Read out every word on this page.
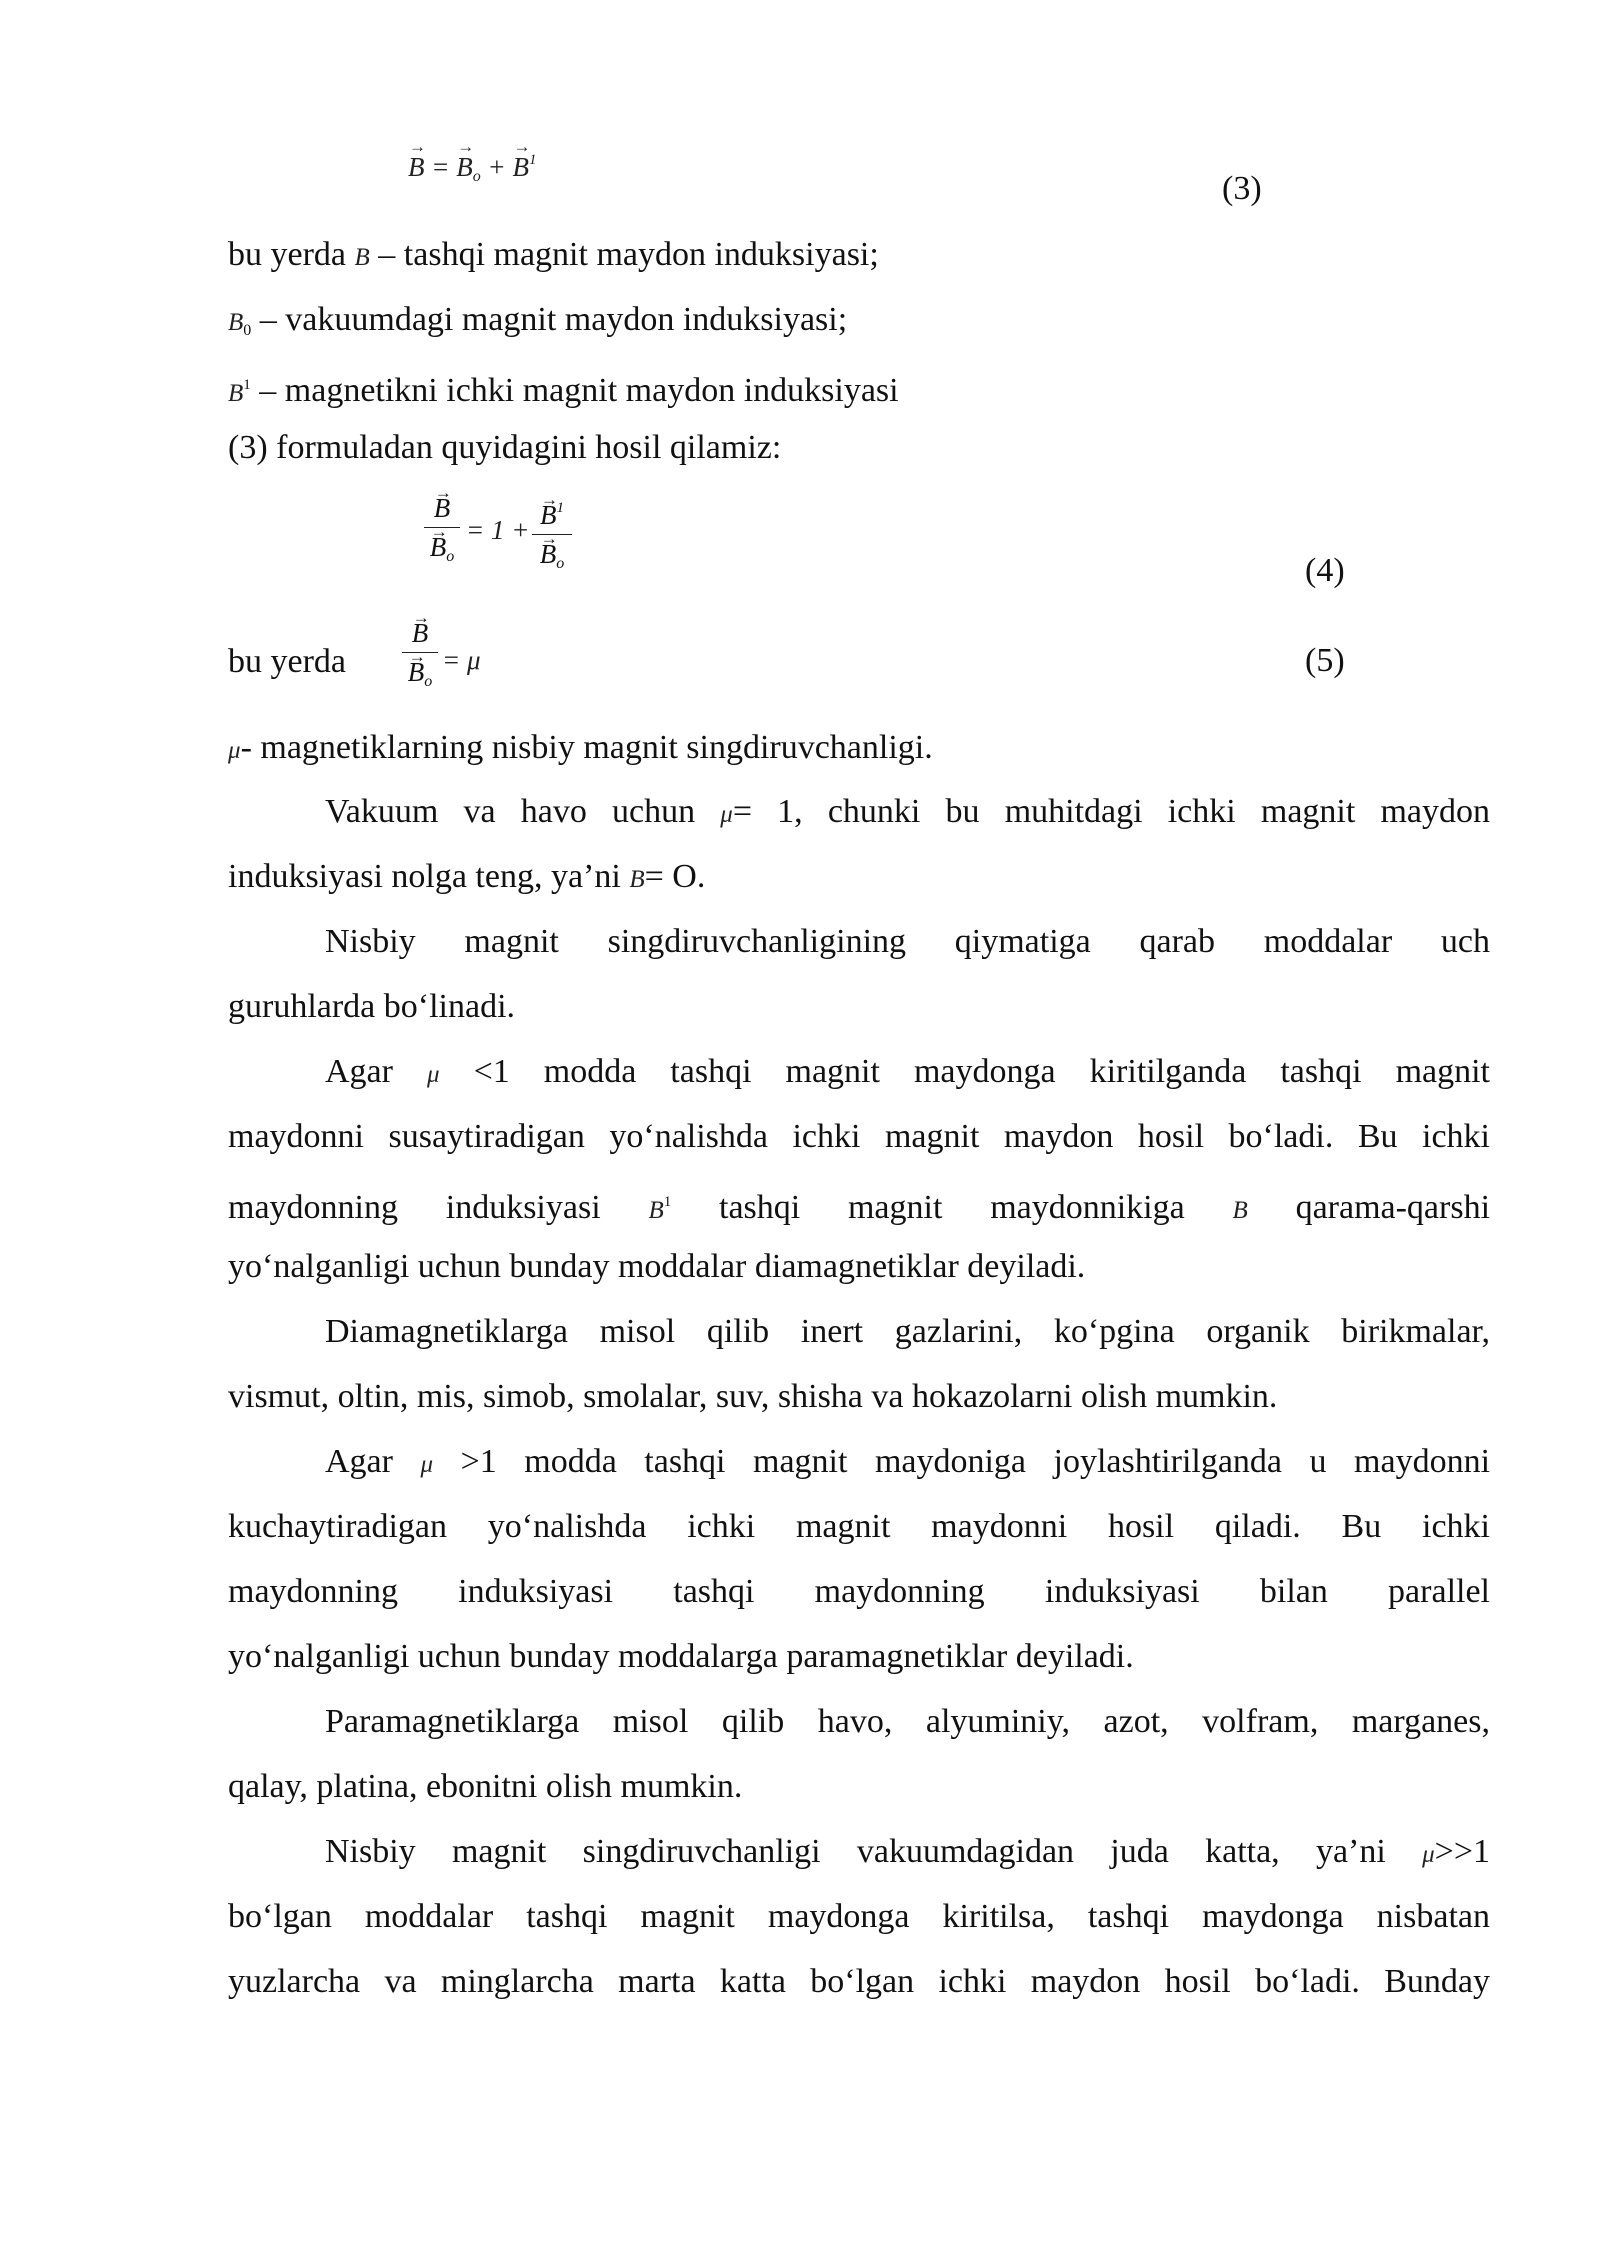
→ B = → $B_o$ + → $B^1$
(3)
bu yerda B – tashqi magnit maydon induksiyasi;
$B_0$ – vakuumdagi magnit maydon induksiyasi;
$B^1$ – magnetikni ichki magnit maydon induksiyasi
(3) formuladan quyidagini hosil qilamiz:
→ B
→ $B_o$
= 1 + → $B^1$
→ $B_o$	(4)
bu yerda
→ B
→ $B_o$
= μ	(5)
μ- magnetiklarning nisbiy magnit singdiruvchanligi.
Vakuum va havo uchun μ= 1, chunki bu muhitdagi ichki magnit maydon
induksiyasi nolga teng, ya’ni B= O.
Nisbiy magnit singdiruvchanligining qiymatiga qarab moddalar uch
guruhlarda bo‘linadi.
Agar μ <1 modda tashqi magnit maydonga kiritilganda tashqi magnit
maydonni susaytiradigan yo‘nalishda ichki magnit maydon hosil bo‘ladi. Bu ichki
maydonning induksiyasi $B^1$ tashqi magnit maydonnikiga B qarama-qarshi
yo‘nalganligi uchun bunday moddalar diamagnetiklar deyiladi.
Diamagnetiklarga misol qilib inert gazlarini, ko‘pgina organik birikmalar,
vismut, oltin, mis, simob, smolalar, suv, shisha va hokazolarni olish mumkin.
Agar μ >1 modda tashqi magnit maydoniga joylashtirilganda u maydonni
kuchaytiradigan yo‘nalishda ichki magnit maydonni hosil qiladi. Bu ichki
maydonning induksiyasi tashqi maydonning induksiyasi bilan parallel
yo‘nalganligi uchun bunday moddalarga paramagnetiklar deyiladi.
Paramagnetiklarga misol qilib havo, alyuminiy, azot, volfram, marganes,
qalay, platina, ebonitni olish mumkin.
Nisbiy magnit singdiruvchanligi vakuumdagidan juda katta, ya’ni μ>>1
bo‘lgan moddalar tashqi magnit maydonga kiritilsa, tashqi maydonga nisbatan
yuzlarcha va minglarcha marta katta bo‘lgan ichki maydon hosil bo‘ladi. Bunday
